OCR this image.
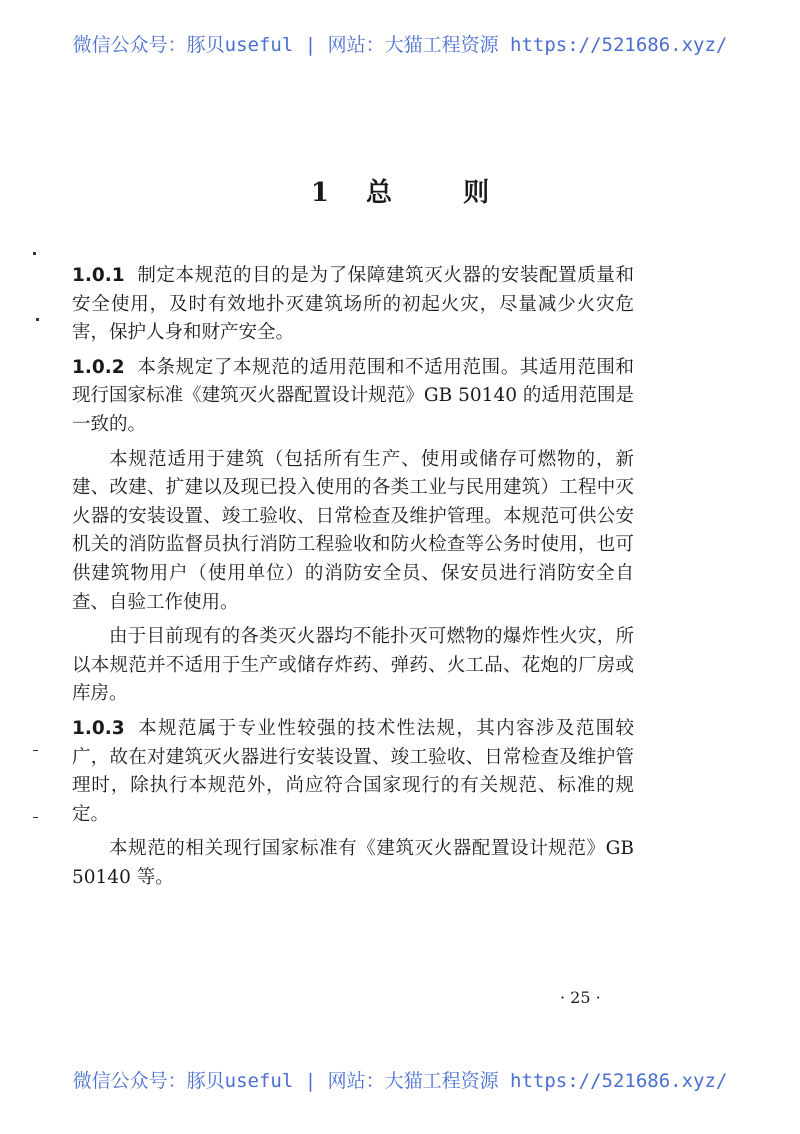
微信公众号：豚贝useful | 网站：大猫工程资源 https://521686.xyz/
1 总	则

1.0.1 制定本规范的目的是为了保障建筑灭火器的安装配置质量和安全使用，及时有效地扑灭建筑场所的初起火灾，尽量减少火灾危害，保护人身和财产安全。

1.0.2 本条规定了本规范的适用范围和不适用范围。其适用范围和现行国家标准《建筑灭火器配置设计规范》GB 50140 的适用范围是一致的。

本规范适用于建筑（包括所有生产、使用或储存可燃物的，新建、改建、扩建以及现已投入使用的各类工业与民用建筑）工程中灭火器的安装设置、竣工验收、日常检查及维护管理。本规范可供公安机关的消防监督员执行消防工程验收和防火检查等公务时使用，也可供建筑物用户（使用单位）的消防安全员、保安员进行消防安全自查、自验工作使用。

由于目前现有的各类灭火器均不能扑灭可燃物的爆炸性火灾，所以本规范并不适用于生产或储存炸药、弹药、火工品、花炮的厂房或库房。

1.0.3 本规范属于专业性较强的技术性法规，其内容涉及范围较广，故在对建筑灭火器进行安装设置、竣工验收、日常检查及维护管理时，除执行本规范外，尚应符合国家现行的有关规范、标准的规定。

本规范的相关现行国家标准有《建筑灭火器配置设计规范》GB 50140 等。

· 25 ·
微信公众号：豚贝useful | 网站：大猫工程资源 https://521686.xyz/
